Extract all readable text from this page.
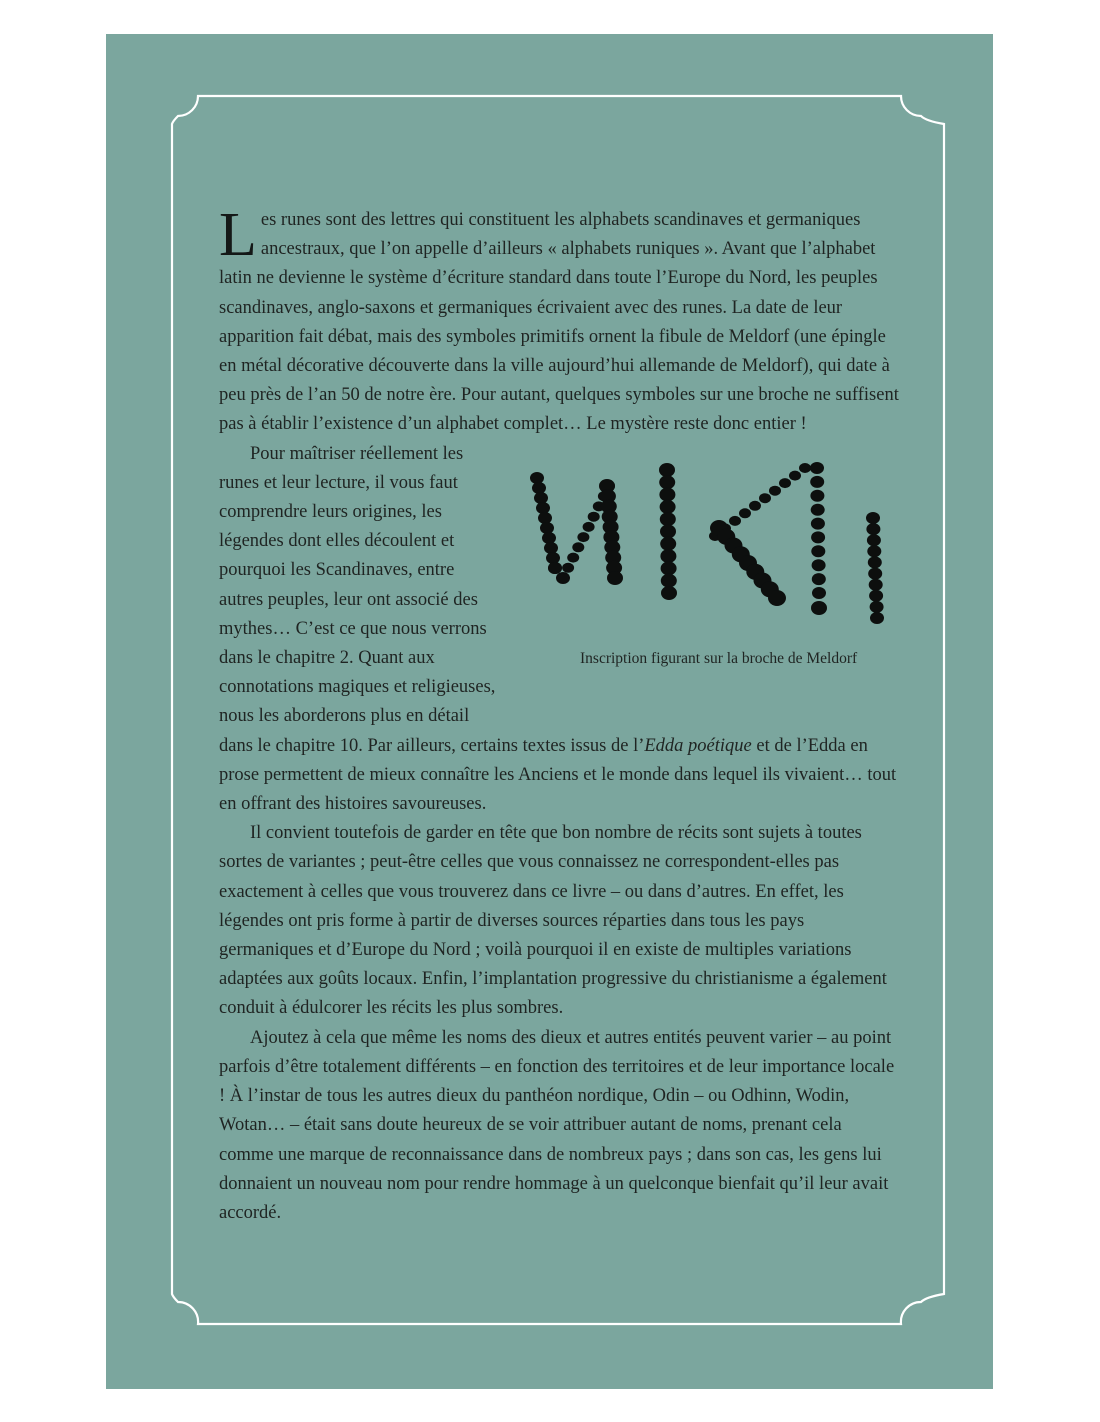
Les runes sont des lettres qui constituent les alphabets scandinaves et germaniques ancestraux, que l’on appelle d’ailleurs « alphabets runiques ». Avant que l’alphabet latin ne devienne le système d’écriture standard dans toute l’Europe du Nord, les peuples scandinaves, anglo-saxons et germaniques écrivaient avec des runes. La date de leur apparition fait débat, mais des symboles primitifs ornent la fibule de Meldorf (une épingle en métal décorative découverte dans la ville aujourd’hui allemande de Meldorf), qui date à peu près de l’an 50 de notre ère. Pour autant, quelques symboles sur une broche ne suffisent pas à établir l’existence d’un alphabet complet… Le mystère reste donc entier !

Inscription figurant sur la broche de Meldorf
Pour maîtriser réellement les runes et leur lecture, il vous faut comprendre leurs origines, les légendes dont elles découlent et pourquoi les Scandinaves, entre autres peuples, leur ont associé des mythes… C’est ce que nous verrons dans le chapitre 2. Quant aux connotations magiques et religieuses, nous les aborderons plus en détail dans le chapitre 10. Par ailleurs, certains textes issus de l’Edda poétique et de l’Edda en prose permettent de mieux connaître les Anciens et le monde dans lequel ils vivaient… tout en offrant des histoires savoureuses.

Il convient toutefois de garder en tête que bon nombre de récits sont sujets à toutes sortes de variantes ; peut-être celles que vous connaissez ne correspondent-elles pas exactement à celles que vous trouverez dans ce livre – ou dans d’autres. En effet, les légendes ont pris forme à partir de diverses sources réparties dans tous les pays germaniques et d’Europe du Nord ; voilà pourquoi il en existe de multiples variations adaptées aux goûts locaux. Enfin, l’implantation progressive du christianisme a également conduit à édulcorer les récits les plus sombres.

Ajoutez à cela que même les noms des dieux et autres entités peuvent varier – au point parfois d’être totalement différents – en fonction des territoires et de leur importance locale ! À l’instar de tous les autres dieux du panthéon nordique, Odin – ou Odhinn, Wodin, Wotan… – était sans doute heureux de se voir attribuer autant de noms, prenant cela comme une marque de reconnaissance dans de nombreux pays ; dans son cas, les gens lui donnaient un nouveau nom pour rendre hommage à un quelconque bienfait qu’il leur avait accordé.
